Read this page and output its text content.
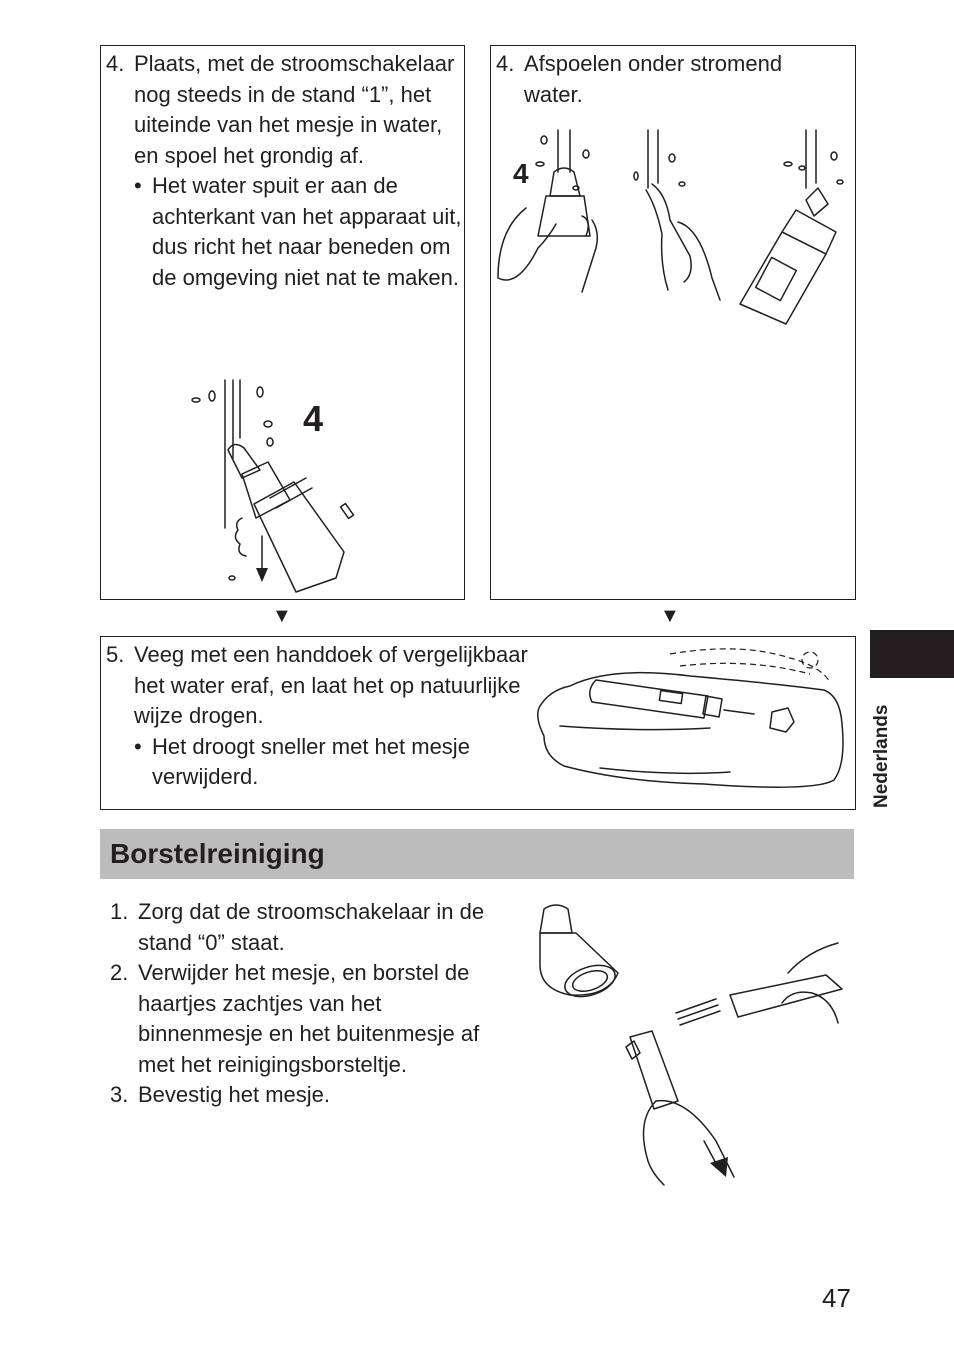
4. Plaats, met de stroomschakelaar nog steeds in de stand “1”, het uiteinde van het mesje in water, en spoel het grondig af.
• Het water spuit er aan de achterkant van het apparaat uit, dus richt het naar beneden om de omgeving niet nat te maken.
4
4. Afspoelen onder stromend water.
4
▼	▼
5. Veeg met een handdoek of vergelijkbaar het water eraf, en laat het op natuurlijke wijze drogen.
• Het droogt sneller met het mesje verwijderd.
Borstelreiniging
1. Zorg dat de stroomschakelaar in de stand “0” staat.
2. Verwijder het mesje, en borstel de haartjes zachtjes van het binnenmesje en het buitenmesje af met het reinigingsborsteltje.
3. Bevestig het mesje.
Nederlands
47
